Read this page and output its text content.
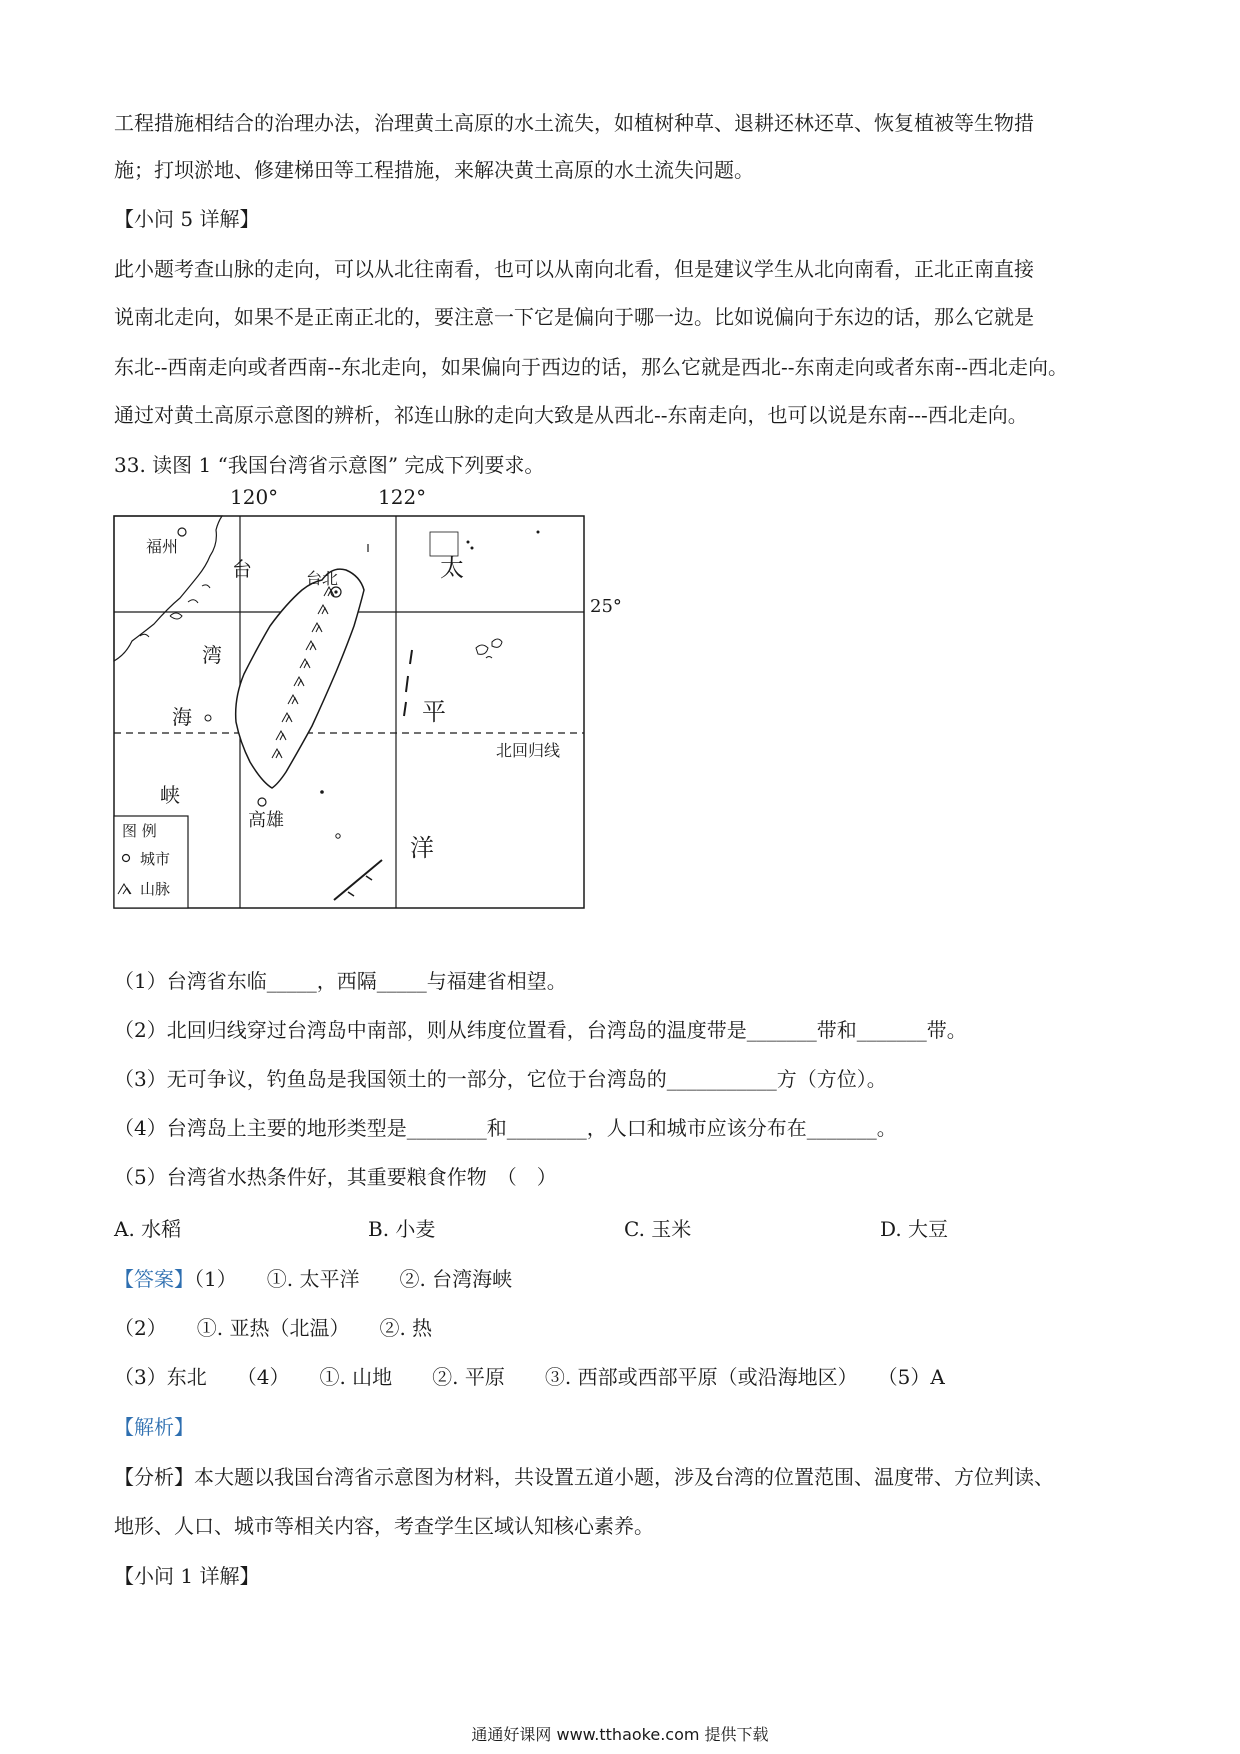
工程措施相结合的治理办法，治理黄土高原的水土流失，如植树种草、退耕还林还草、恢复植被等生物措
施；打坝淤地、修建梯田等工程措施，来解决黄土高原的水土流失问题。
【小问 5 详解】
此小题考查山脉的走向，可以从北往南看，也可以从南向北看，但是建议学生从北向南看，正北正南直接
说南北走向，如果不是正南正北的，要注意一下它是偏向于哪一边。比如说偏向于东边的话，那么它就是
东北--西南走向或者西南--东北走向，如果偏向于西边的话，那么它就是西北--东南走向或者东南--西北走向。
通过对黄土高原示意图的辨析，祁连山脉的走向大致是从西北--东南走向，也可以说是东南---西北走向。
33. 读图 1 “我国台湾省示意图” 完成下列要求。
120°	122°
25°
北回归线
福州
台北
高雄
台
湾
海
峡
太
平
洋
图 例
城市
山脉
（1）台湾省东临_____，西隔_____与福建省相望。
（2）北回归线穿过台湾岛中南部，则从纬度位置看，台湾岛的温度带是_______带和_______带。
（3）无可争议，钓鱼岛是我国领土的一部分，它位于台湾岛的___________方（方位）。
（4）台湾岛上主要的地形类型是________和________，人口和城市应该分布在_______。
（5）台湾省水热条件好，其重要粮食作物　（　）
A. 水稻	B. 小麦	C. 玉米	D. 大豆
【答案】（1）　　①. 太平洋　　②. 台湾海峡
（2）　　①. 亚热（北温）　　②. 热
（3）东北　　（4）　　①. 山地　　②. 平原　　③. 西部或西部平原（或沿海地区）　　（5）A
【解析】
【分析】本大题以我国台湾省示意图为材料，共设置五道小题，涉及台湾的位置范围、温度带、方位判读、
地形、人口、城市等相关内容，考查学生区域认知核心素养。
【小问 1 详解】
通通好课网 www.tthaoke.com 提供下载
